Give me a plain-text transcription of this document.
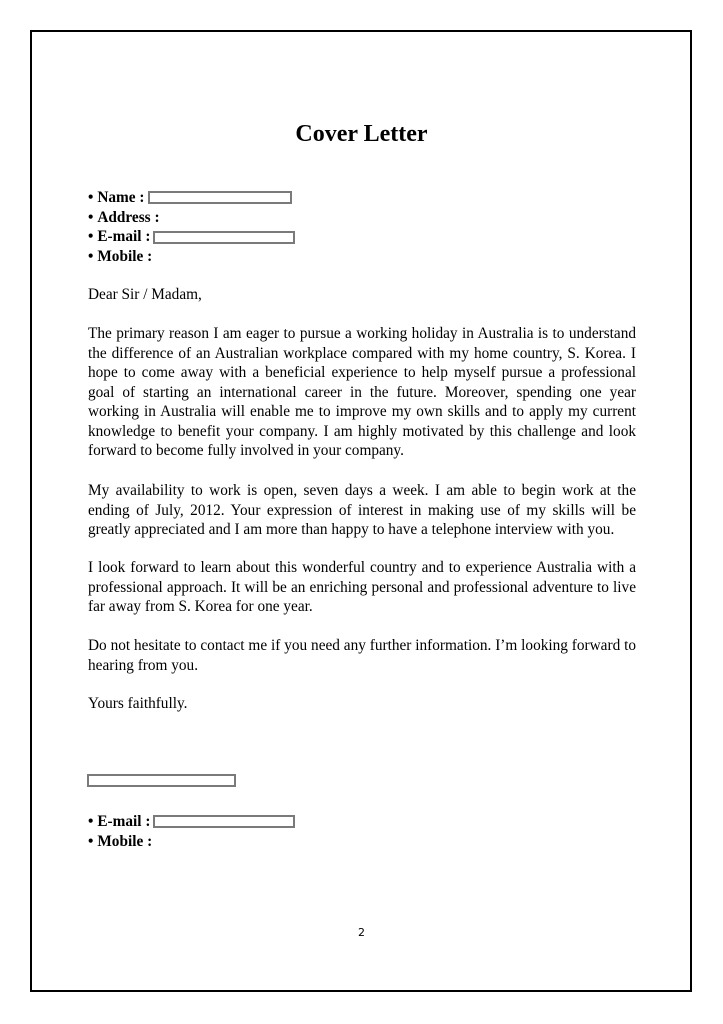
Cover Letter
• Name :
• Address :
• E-mail :
• Mobile :

Dear Sir / Madam,

The primary reason I am eager to pursue a working holiday in Australia is to understand the difference of an Australian workplace compared with my home country, S. Korea. I hope to come away with a beneficial experience to help myself pursue a professional goal of starting an international career in the future. Moreover, spending one year working in Australia will enable me to improve my own skills and to apply my current knowledge to benefit your company. I am highly motivated by this challenge and look forward to become fully involved in your company.

My availability to work is open, seven days a week. I am able to begin work at the ending of July, 2012. Your expression of interest in making use of my skills will be greatly appreciated and I am more than happy to have a telephone interview with you.

I look forward to learn about this wonderful country and to experience Australia with a professional approach. It will be an enriching personal and professional adventure to live far away from S. Korea for one year.

Do not hesitate to contact me if you need any further information. I’m looking forward to hearing from you.

Yours faithfully.

• E-mail :
• Mobile :

2
